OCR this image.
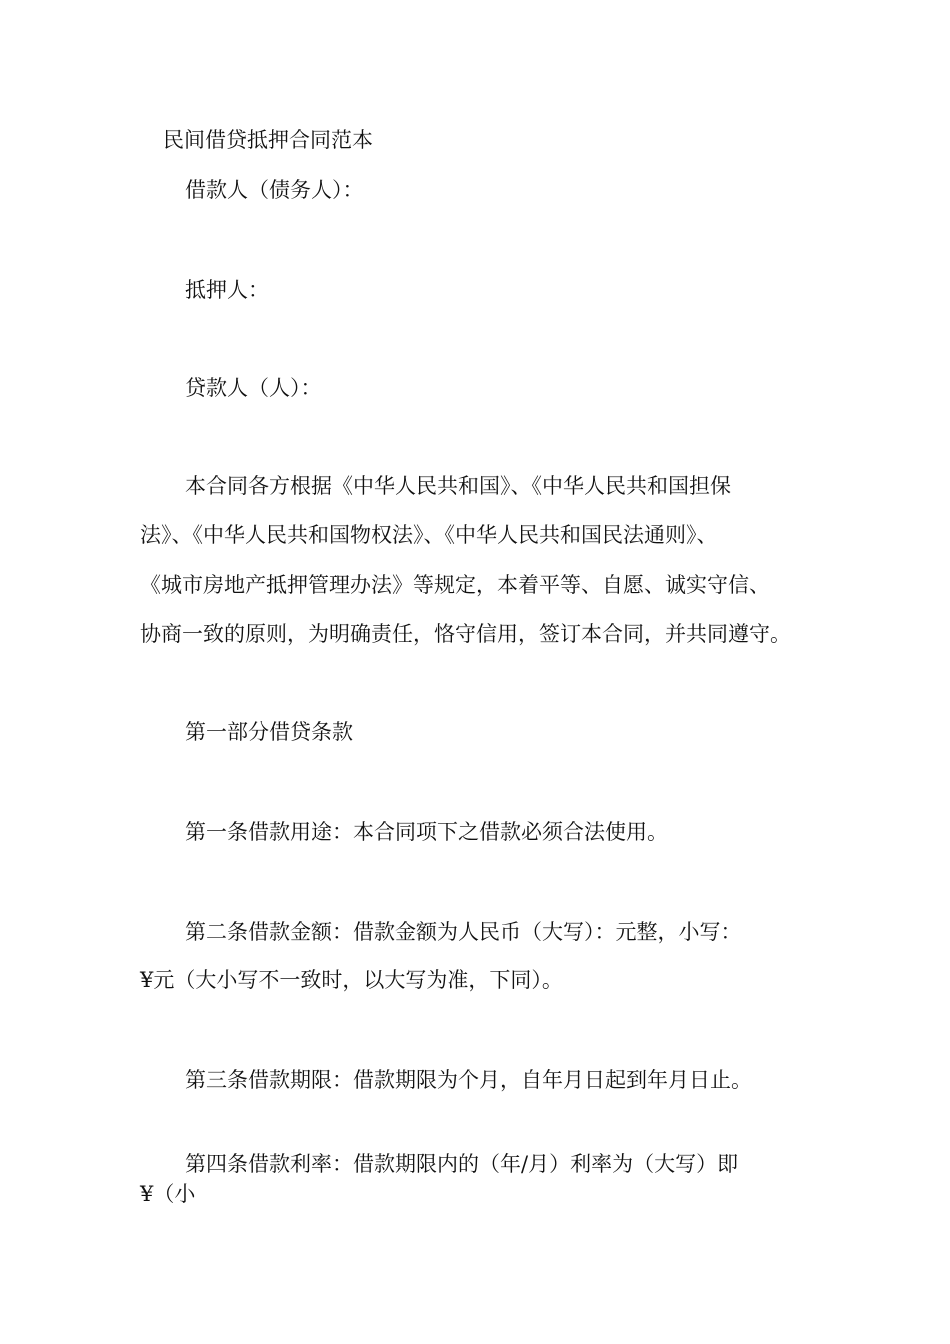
民间借贷抵押合同范本

借款人（债务人）：

抵押人：

贷款人（人）：

本合同各方根据《中华人民共和国》、《中华人民共和国担保

法》、《中华人民共和国物权法》、《中华人民共和国民法通则》、

《城市房地产抵押管理办法》等规定，本着平等、自愿、诚实守信、

协商一致的原则，为明确责任，恪守信用，签订本合同，并共同遵守。

第一部分借贷条款

第一条借款用途：本合同项下之借款必须合法使用。

第二条借款金额：借款金额为人民币（大写）：元整，小写：

¥元（大小写不一致时，以大写为准，下同）。

第三条借款期限：借款期限为个月，自年月日起到年月日止。

第四条借款利率：借款期限内的（年/月）利率为（大写）即

¥（小
